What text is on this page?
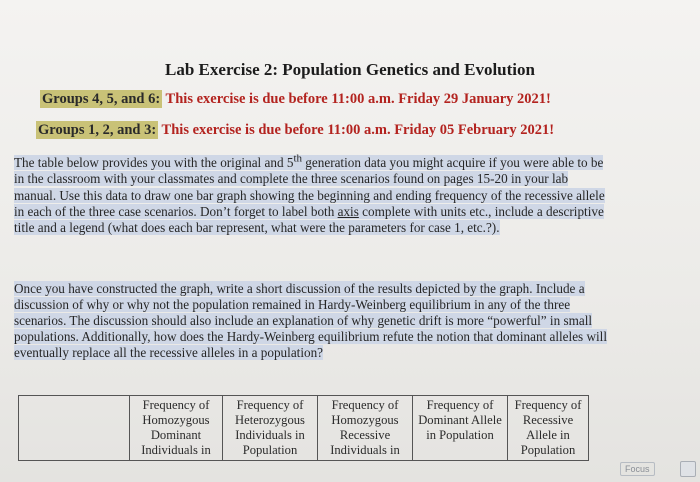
Lab Exercise 2: Population Genetics and Evolution
Groups 4, 5, and 6: This exercise is due before 11:00 a.m. Friday 29 January 2021!
Groups 1, 2, and 3: This exercise is due before 11:00 a.m. Friday 05 February 2021!
The table below provides you with the original and 5th generation data you might acquire if you were able to be in the classroom with your classmates and complete the three scenarios found on pages 15-20 in your lab manual. Use this data to draw one bar graph showing the beginning and ending frequency of the recessive allele in each of the three case scenarios. Don’t forget to label both axis complete with units etc., include a descriptive title and a legend (what does each bar represent, what were the parameters for case 1, etc.?).
Once you have constructed the graph, write a short discussion of the results depicted by the graph. Include a discussion of why or why not the population remained in Hardy-Weinberg equilibrium in any of the three scenarios. The discussion should also include an explanation of why genetic drift is more “powerful” in small populations. Additionally, how does the Hardy-Weinberg equilibrium refute the notion that dominant alleles will eventually replace all the recessive alleles in a population?
	Frequency of Homozygous Dominant Individuals in	Frequency of Heterozygous Individuals in Population	Frequency of Homozygous Recessive Individuals in	Frequency of Dominant Allele in Population	Frequency of Recessive Allele in Population
Focus
